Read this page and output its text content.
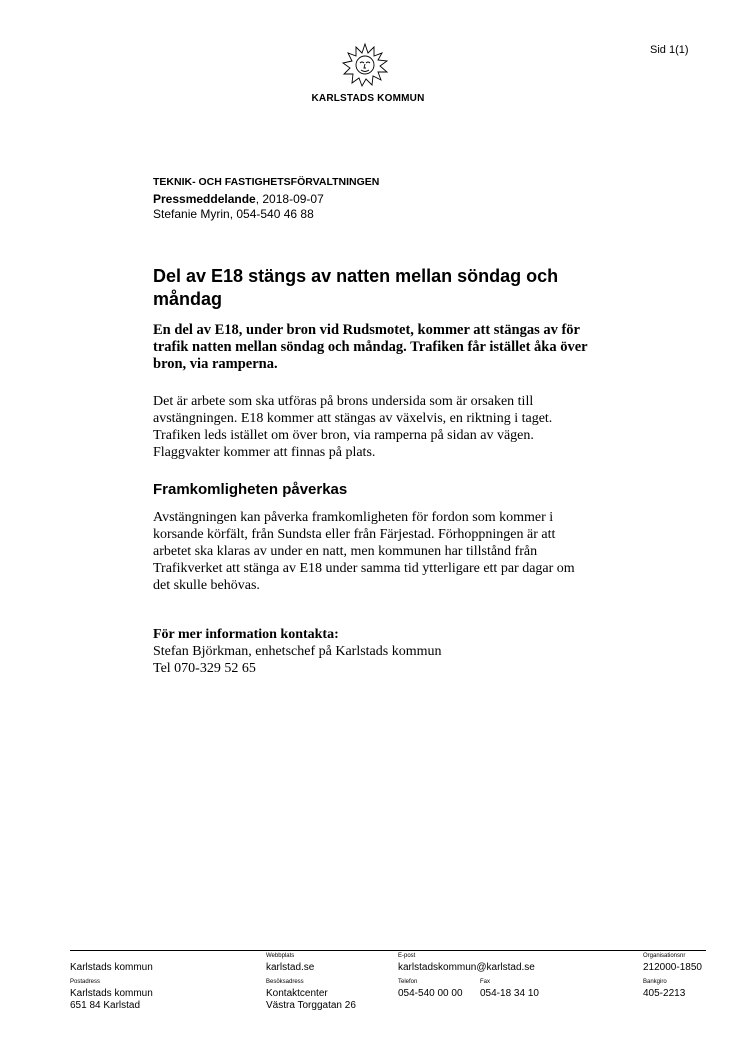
Sid 1(1)
KARLSTADS KOMMUN
TEKNIK- OCH FASTIGHETSFÖRVALTNINGEN
Pressmeddelande, 2018-09-07
Stefanie Myrin, 054-540 46 88
Del av E18 stängs av natten mellan söndag och
måndag
En del av E18, under bron vid Rudsmotet, kommer att stängas av för
trafik natten mellan söndag och måndag. Trafiken får istället åka över
bron, via ramperna.
Det är arbete som ska utföras på brons undersida som är orsaken till
avstängningen. E18 kommer att stängas av växelvis, en riktning i taget.
Trafiken leds istället om över bron, via ramperna på sidan av vägen.
Flaggvakter kommer att finnas på plats.
Framkomligheten påverkas
Avstängningen kan påverka framkomligheten för fordon som kommer i
korsande körfält, från Sundsta eller från Färjestad. Förhoppningen är att
arbetet ska klaras av under en natt, men kommunen har tillstånd från
Trafikverket att stänga av E18 under samma tid ytterligare ett par dagar om
det skulle behövas.
För mer information kontakta:
Stefan Björkman, enhetschef på Karlstads kommun
Tel 070-329 52 65
Karlstads kommun
Webbplats
karlstad.se
E-post
karlstadskommun@karlstad.se
Organisationsnr
212000-1850
Postadress
Karlstads kommun
651 84 Karlstad
Besöksadress
Kontaktcenter
Västra Torggatan 26
Telefon
054-540 00 00
Fax
054-18 34 10
Bankgiro
405-2213
